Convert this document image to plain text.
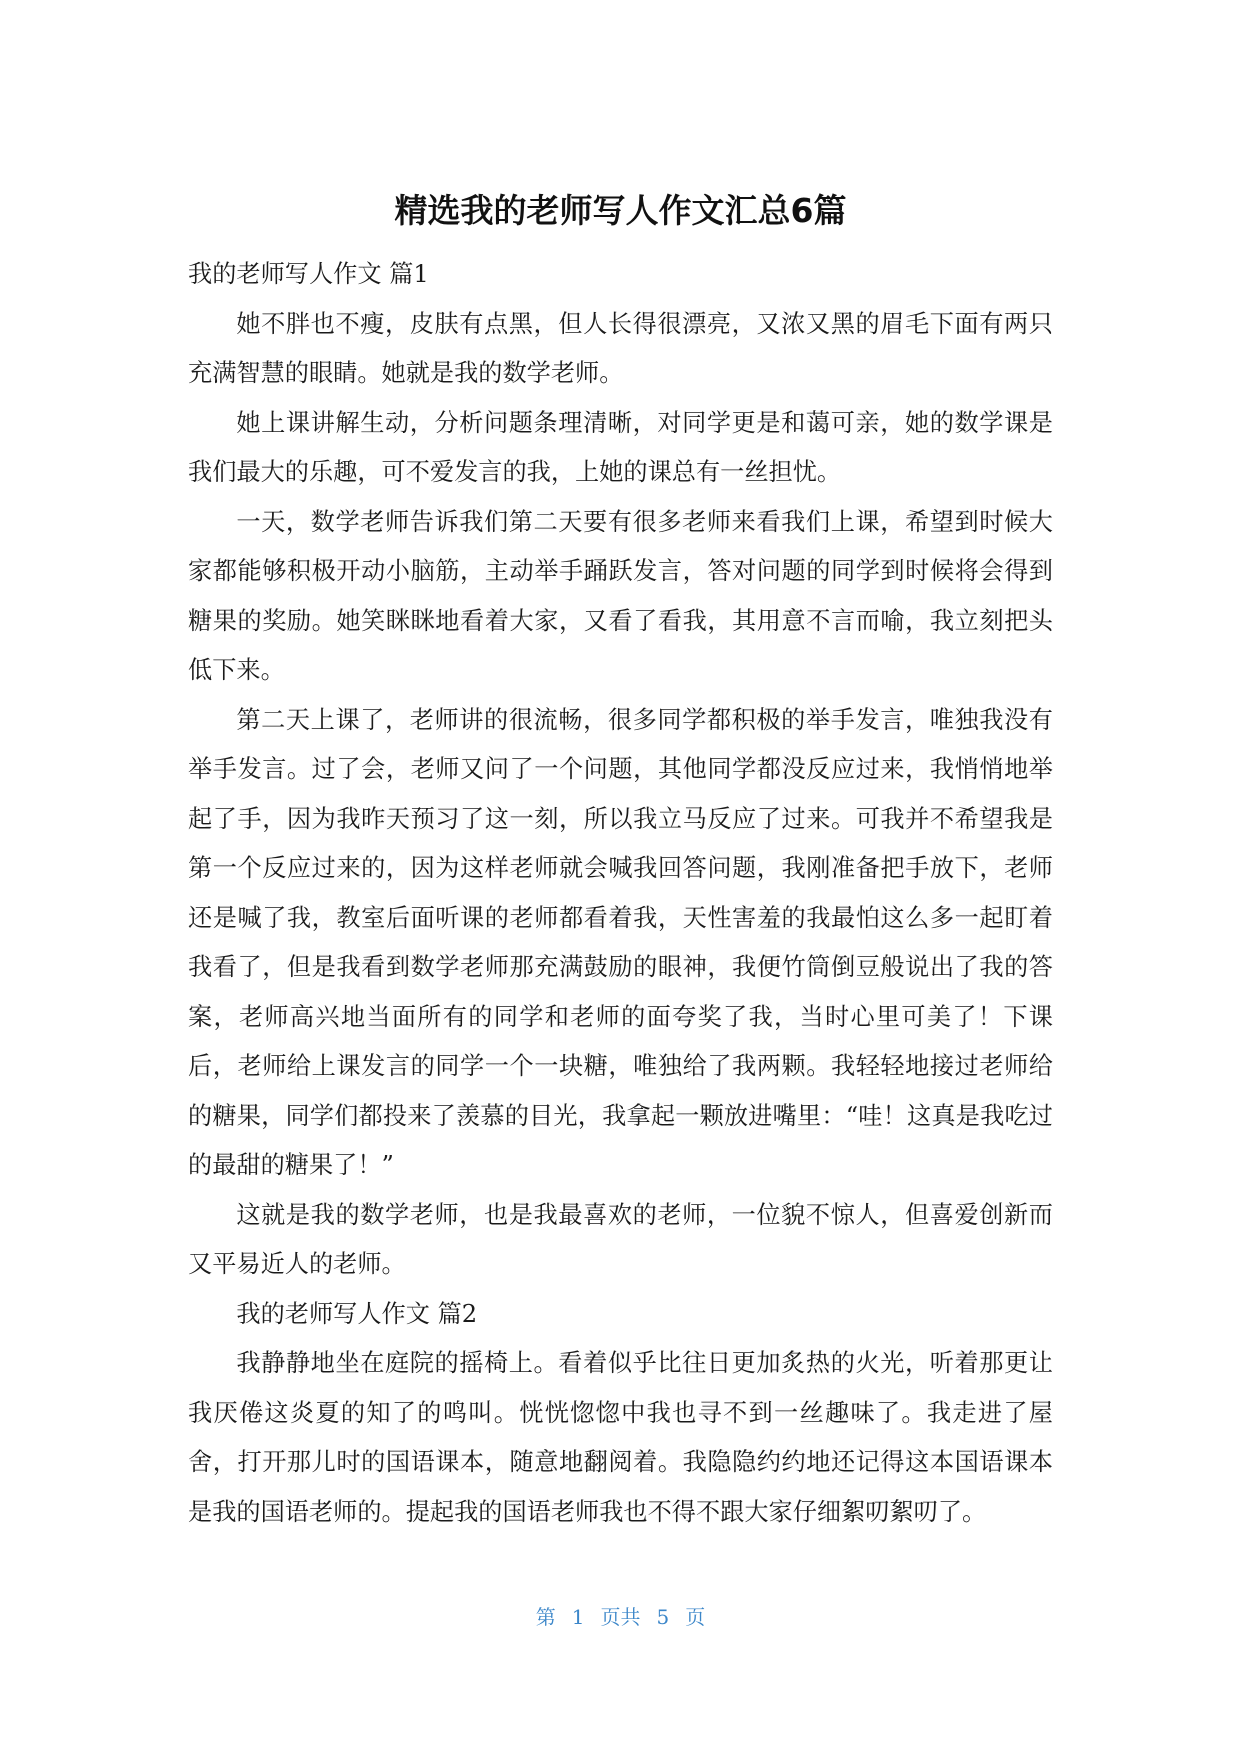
精选我的老师写人作文汇总6篇

我的老师写人作文 篇1

她不胖也不瘦，皮肤有点黑，但人长得很漂亮，又浓又黑的眉毛下面有两只充满智慧的眼睛。她就是我的数学老师。

她上课讲解生动，分析问题条理清晰，对同学更是和蔼可亲，她的数学课是我们最大的乐趣，可不爱发言的我，上她的课总有一丝担忧。

一天，数学老师告诉我们第二天要有很多老师来看我们上课，希望到时候大家都能够积极开动小脑筋，主动举手踊跃发言，答对问题的同学到时候将会得到糖果的奖励。她笑眯眯地看着大家，又看了看我，其用意不言而喻，我立刻把头低下来。

第二天上课了，老师讲的很流畅，很多同学都积极的举手发言，唯独我没有举手发言。过了会，老师又问了一个问题，其他同学都没反应过来，我悄悄地举起了手，因为我昨天预习了这一刻，所以我立马反应了过来。可我并不希望我是第一个反应过来的，因为这样老师就会喊我回答问题，我刚准备把手放下，老师还是喊了我，教室后面听课的老师都看着我，天性害羞的我最怕这么多一起盯着我看了，但是我看到数学老师那充满鼓励的眼神，我便竹筒倒豆般说出了我的答案，老师高兴地当面所有的同学和老师的面夸奖了我，当时心里可美了！下课后，老师给上课发言的同学一个一块糖，唯独给了我两颗。我轻轻地接过老师给的糖果，同学们都投来了羡慕的目光，我拿起一颗放进嘴里：“哇！这真是我吃过的最甜的糖果了！”

这就是我的数学老师，也是我最喜欢的老师，一位貌不惊人，但喜爱创新而又平易近人的老师。

我的老师写人作文 篇2

我静静地坐在庭院的摇椅上。看着似乎比往日更加炙热的火光，听着那更让我厌倦这炎夏的知了的鸣叫。恍恍惚惚中我也寻不到一丝趣味了。我走进了屋舍，打开那儿时的国语课本，随意地翻阅着。我隐隐约约地还记得这本国语课本是我的国语老师的。提起我的国语老师我也不得不跟大家仔细絮叨絮叨了。

第 1 页共 5 页
